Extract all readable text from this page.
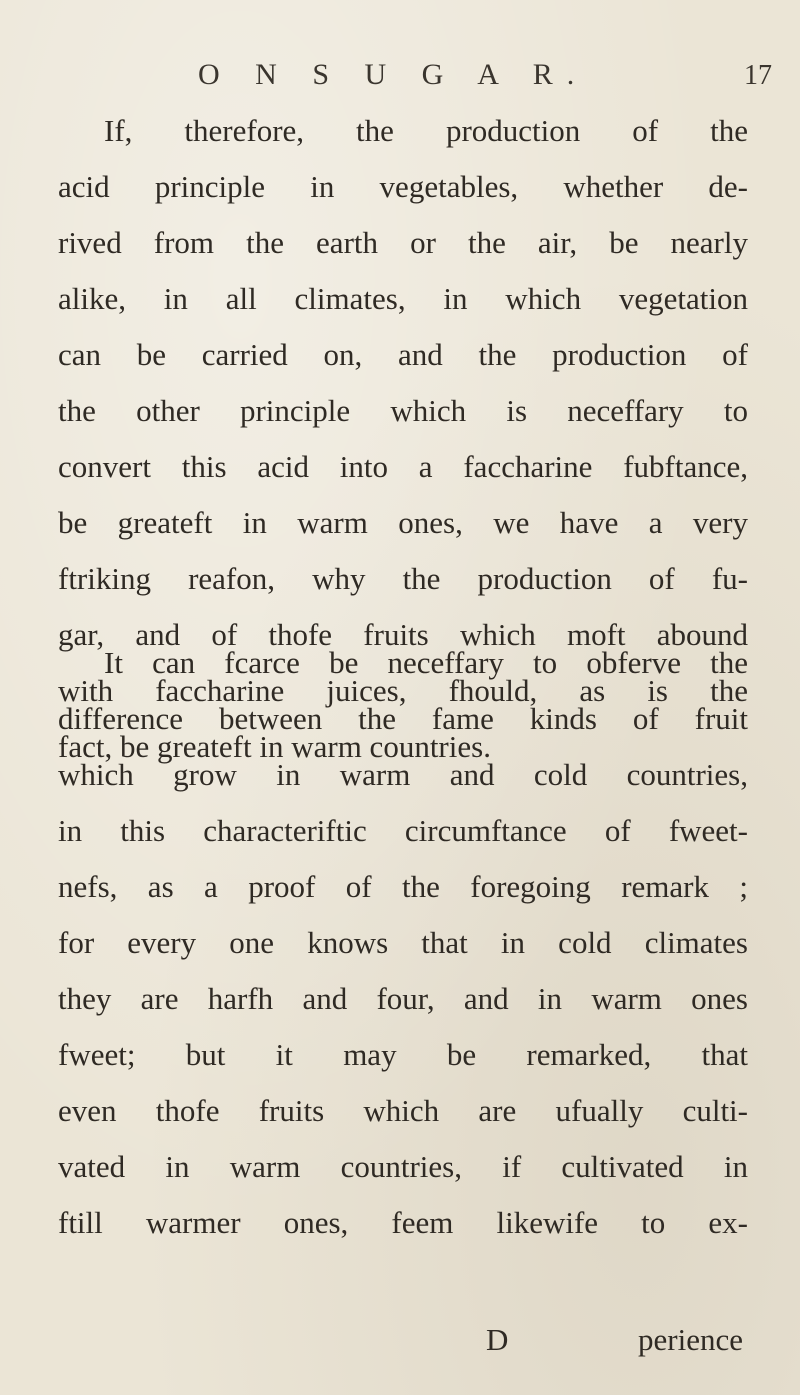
O N S U G A R.	17
If, therefore, the production of the
acid principle in vegetables, whether de-
rived from the earth or the air, be nearly
alike, in all climates, in which vegetation
can be carried on, and the production of
the other principle which is neceffary to
convert this acid into a faccharine fubftance,
be greateft in warm ones, we have a very
ftriking reafon, why the production of fu-
gar, and of thofe fruits which moft abound
with faccharine juices, fhould, as is the
fact, be greateft in warm countries.
It can fcarce be neceffary to obferve the
difference between the fame kinds of fruit
which grow in warm and cold countries,
in this characteriftic circumftance of fweet-
nefs, as a proof of the foregoing remark ;
for every one knows that in cold climates
they are harfh and four, and in warm ones
fweet; but it may be remarked, that
even thofe fruits which are ufually culti-
vated in warm countries, if cultivated in
ftill warmer ones, feem likewife to ex-
D	perience
